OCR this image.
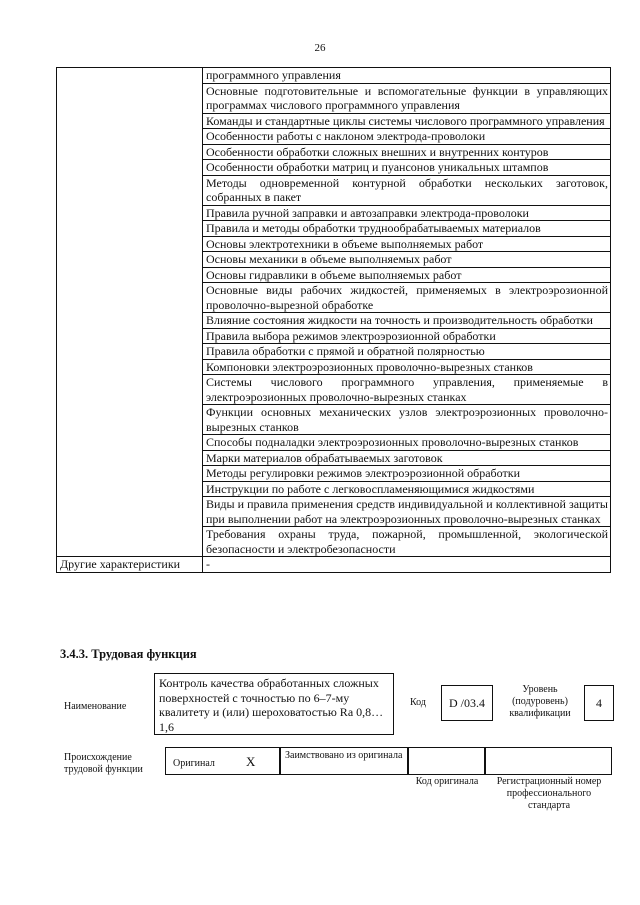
26
	программного управления
	Основные подготовительные и вспомогательные функции в управляющих программах числового программного управления
	Команды и стандартные циклы системы числового программного управления
	Особенности работы с наклоном электрода-проволоки
	Особенности обработки сложных внешних и внутренних контуров
	Особенности обработки матриц и пуансонов уникальных штампов
	Методы одновременной контурной обработки нескольких заготовок, собранных в пакет
	Правила ручной заправки и автозаправки электрода-проволоки
	Правила и методы обработки труднообрабатываемых материалов
	Основы электротехники в объеме выполняемых работ
	Основы механики в объеме выполняемых работ
	Основы гидравлики в объеме выполняемых работ
	Основные виды рабочих жидкостей, применяемых в электроэрозионной проволочно-вырезной обработке
	Влияние состояния жидкости на точность и производительность обработки
	Правила выбора режимов электроэрозионной обработки
	Правила обработки с прямой и обратной полярностью
	Компоновки электроэрозионных проволочно-вырезных станков
	Системы числового программного управления, применяемые в электроэрозионных проволочно-вырезных станках
	Функции основных механических узлов электроэрозионных проволочно-вырезных станков
	Способы подналадки электроэрозионных проволочно-вырезных станков
	Марки материалов обрабатываемых заготовок
	Методы регулировки режимов электроэрозионной обработки
	Инструкции по работе с легковоспламеняющимися жидкостями
	Виды и правила применения средств индивидуальной и коллективной защиты при выполнении работ на электроэрозионных проволочно-вырезных станках
	Требования охраны труда, пожарной, промышленной, экологической безопасности и электробезопасности
Другие характеристики	-
3.4.3. Трудовая функция
Наименование
Контроль качества обработанных сложных поверхностей с точностью по 6–7-му квалитету и (или) шероховатостью Ra 0,8…1,6
Код	D /03.4
Уровень (подуровень) квалификации
4
Происхождение трудовой функции
Оригинал X	Заимствовано из оригинала
Код оригинала	Регистрационный номер профессионального стандарта
